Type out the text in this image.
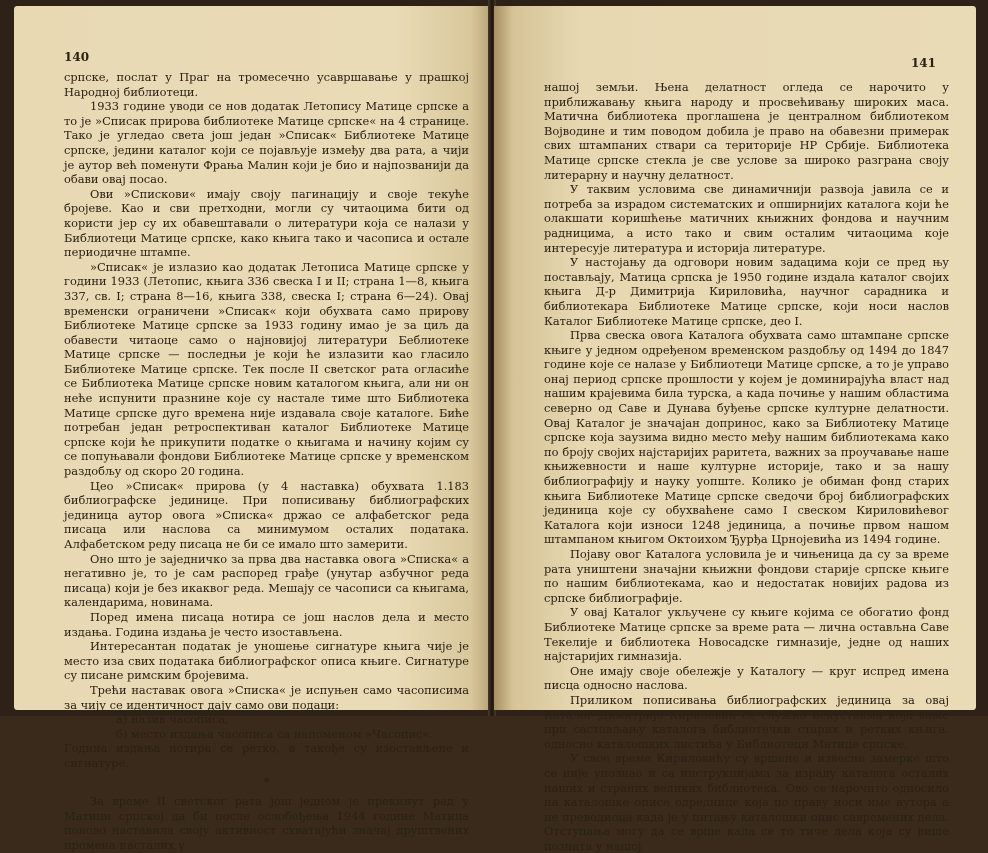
140

српске, послат у Праг на тромесечно усавршавање у прашкој Народној библиотеци.

1933 године уводи се нов додатак Летопису Матице српске а то је »Списак прирова библиотеке Матице српске« на 4 странице. Тако је угледао света још један »Списак« Библиотеке Матице српске, једини каталог који се појављује између два рата, а чији је аутор већ поменути Фрања Малин који је био и најпозванији да обави овај посао.

Ови »Спискови« имају своју пагинацију и своје текуће бројеве. Као и сви претходни, могли су читаоцима бити од користи јер су их обавештавали о литератури која се налази у Библиотеци Матице српске, како књига тако и часописа и остале периодичне штампе.

»Списак« је излазио као додатак Летописа Матице српске у години 1933 (Летопис, књига 336 свеска I и II; страна 1—8, књига 337, св. I; страна 8—16, књига 338, свеска I; страна 6—24). Овај временски ограничени »Списак« који обухвата само прирову Библиотеке Матице српске за 1933 годину имао је за циљ да обавести читаоце само о најновијој литератури Беблиотеке Матице српске — последњи је који ће излазити као гласило Библиотеке Матице српске. Тек после II светског рата огласиће се Библиотека Матице српске новим каталогом књига, али ни он неће испунити празнине које су настале тиме што Библиотека Матице српске дуго времена није издавала своје каталоге. Биће потребан један ретроспективан каталог Библиотеке Матице српске који ће прикупити податке о књигама и начину којим су се попуњавали фондови Библиотеке Матице српске у временском раздобљу од скоро 20 година.

Цео »Списак« прирова (у 4 наставка) обухвата 1.183 библиографске јединице. При пописивању библиографских јединица аутор овога »Списка« држао се алфабетског реда писаца или наслова са минимумом осталих података. Алфабетском реду писаца не би се имало што замерити.

Оно што је заједничко за прва два наставка овога »Списка« а негативно је, то је сам распоред грађе (унутар азбучног реда писаца) који је без икаквог реда. Мешају се часописи са књигама, календарима, новинама.

Поред имена писаца нотира се још наслов дела и место издања. Година издања је често изостављена.

Интересантан податак је уношење сигнатуре књига чије је место иза свих података библиографског описа књиге. Сигнатуре су писане римским бројевима.

Трећи наставак овога »Списка« је испуњен само часописима за чију се идентичност дају само ови подаци:

а) назив часописа,

б) место издања часописа са напоменом »Часопис«.

Година издања нотира се ретко, а такође су изостављене и сигнатуре.

*

За време II светског рата још једном је прекинут рад у Матици српској да би после ослобођења 1944 године Матица поново наставила своју активност схватајући значај друштвених промена насталих у

141

нашој земљи. Њена делатност огледа се нарочито у приближавању књига народу и просвећивању широких маса. Матична библиотека проглашена је централном библиотеком Војводине и тим поводом добила је право на обавезни примерак свих штампаних ствари са територије НР Србије. Библиотека Матице српске стекла је све услове за широко разграна своју литерарну и научну делатност.

У таквим условима све динамичнији развоја јавила се и потреба за израдом систематских и опширнијих каталога који ће олакшати коришћење матичних књижних фондова и научним радницима, а исто тако и свим осталим читаоцима које интересује литература и историја литературе.

У настојању да одговори новим задацима који се пред њу постављају, Матица српска је 1950 године издала каталог својих књига Д-р Димитрија Кириловића, научног сарадника и библиотекара Библиотеке Матице српске, који носи наслов Каталог Библиотеке Матице српске, део I.

Прва свеска овога Каталога обухвата само штампане српске књиге у једном одређеном временском раздобљу од 1494 до 1847 године које се налазе у Библиотеци Матице српске, а то је управо онај период српске прошлости у којем је доминирајућа власт над нашим крајевима била турска, а када почиње у нашим областима северно од Саве и Дунава буђење српске културне делатности. Овај Каталог је значајан допринос, како за Библиотеку Матице српске која заузима видно место међу нашим библиотекама како по броју својих најстаријих раритета, важних за проучавање наше књижевности и наше културне историје, тако и за нашу библиографију и науку уопште. Колико је обиман фонд старих књига Библиотеке Матице српске сведочи број библиографских јединица које су обухваћене само I свеском Кириловићевог Каталога који износи 1248 јединица, а почиње првом нашом штампаном књигом Октоихом Ђурђа Црнојевића из 1494 године.

Појаву овог Каталога условила је и чињеница да су за време рата уништени значајни књижни фондови старије српске књиге по нашим библиотекама, као и недостатак новијих радова из српске библиографије.

У овај Каталог укључене су књиге којима се обогатио фонд Библиотеке Матице српске за време рата — лична остављна Саве Текелије и библиотека Новосадске гимназије, једне од наших најстаријих гимназија.

Оне имају своје обележје у Каталогу — круг испред имена писца односно наслова.

Приликом пописивања библиографских јединица за овај Каталог Димитрије Кириловић се служио искуствима која важе при састављању каталога библиотечки старих и ретких књига. односно каталошких листића у Библиотеци Матице српске.

У свое време Кириловићу су вршене и извесне замерке што се није упознао и са инструкцијама за израду каталога осталих наших и страних великих библиотека. Ово се нарочито односило на каталошке описе одреднице која по праву носи име аутора а не преводиоца када је у питању каталошки опис савремених дела. Отступања могу да се врше када се то тиче дела која су више позната у нашој
